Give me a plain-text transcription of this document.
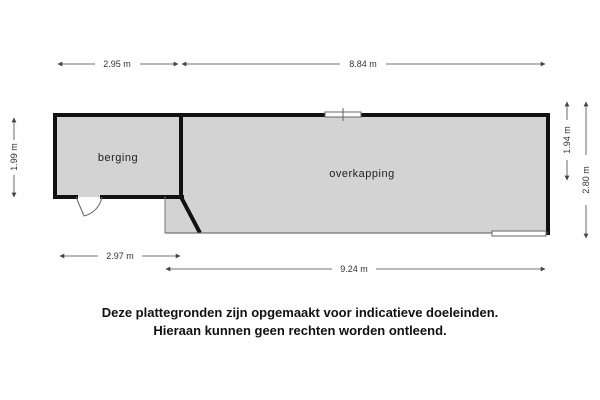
berging
overkapping
2.95 m	8.84 m
1.99 m
1.94 m
2.80 m
2.97 m
9.24 m
Deze plattegronden zijn opgemaakt voor indicatieve doeleinden.
Hieraan kunnen geen rechten worden ontleend.
